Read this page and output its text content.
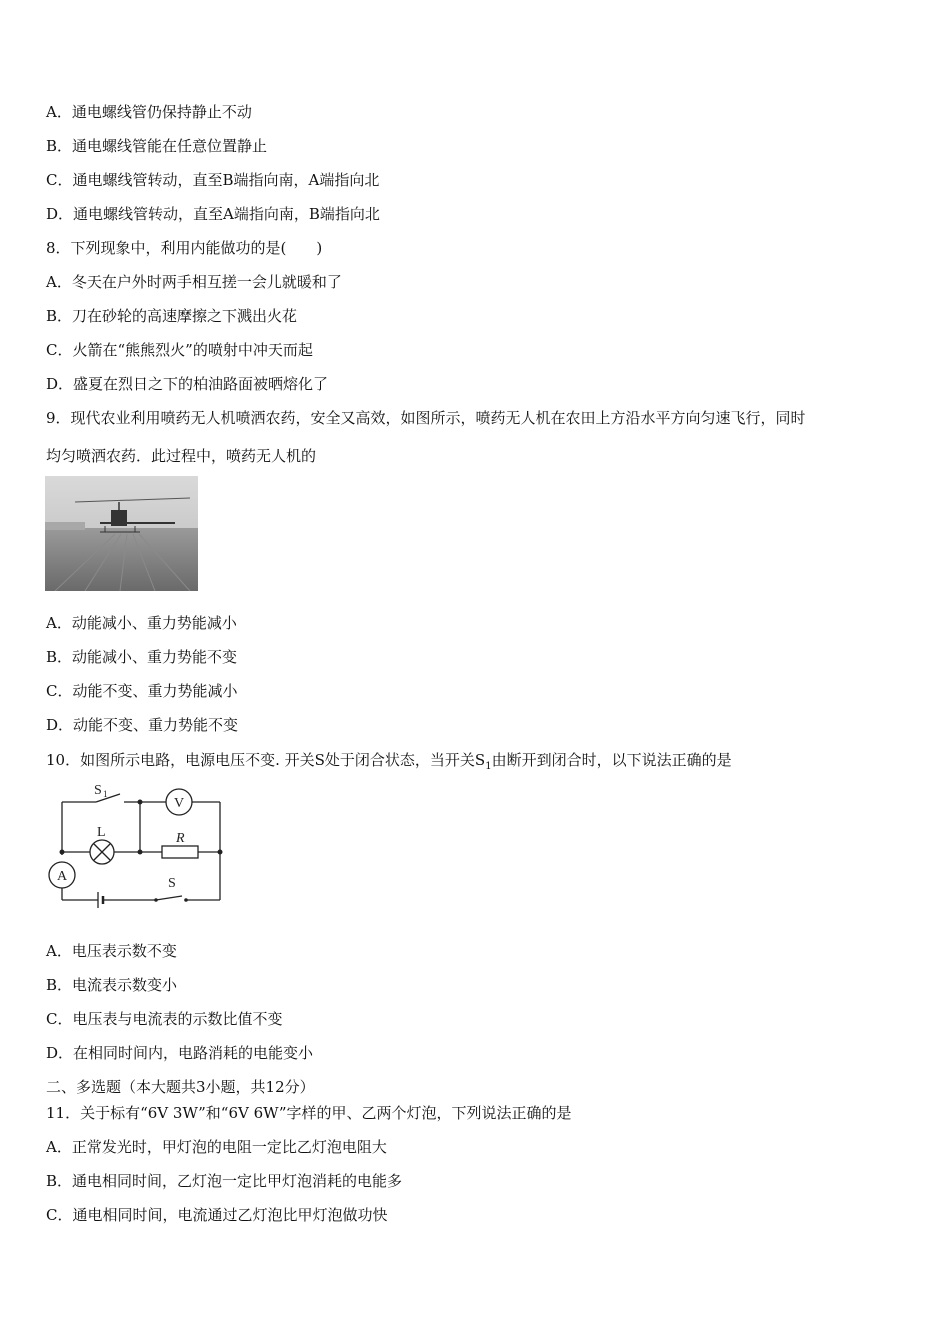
A．通电螺线管仍保持静止不动
B．通电螺线管能在任意位置静止
C．通电螺线管转动，直至B端指向南，A端指向北
D．通电螺线管转动，直至A端指向南，B端指向北
8．下列现象中，利用内能做功的是(　　)
A．冬天在户外时两手相互搓一会儿就暖和了
B．刀在砂轮的高速摩擦之下溅出火花
C．火箭在“熊熊烈火”的喷射中冲天而起
D．盛夏在烈日之下的柏油路面被晒熔化了
9．现代农业利用喷药无人机喷洒农药，安全又高效，如图所示，喷药无人机在农田上方沿水平方向匀速飞行，同时
均匀喷洒农药．此过程中，喷药无人机的
A．动能减小、重力势能减小
B．动能减小、重力势能不变
C．动能不变、重力势能减小
D．动能不变、重力势能不变
10．如图所示电路，电源电压不变. 开关S处于闭合状态，当开关$S_1$由断开到闭合时，以下说法正确的是
S 1
V
L	R
A	S
A．电压表示数不变
B．电流表示数变小
C．电压表与电流表的示数比值不变
D．在相同时间内，电路消耗的电能变小
二、多选题（本大题共3小题，共12分）
11．关于标有“6V 3W”和“6V 6W”字样的甲、乙两个灯泡，下列说法正确的是
A．正常发光时，甲灯泡的电阻一定比乙灯泡电阻大
B．通电相同时间，乙灯泡一定比甲灯泡消耗的电能多
C．通电相同时间，电流通过乙灯泡比甲灯泡做功快
